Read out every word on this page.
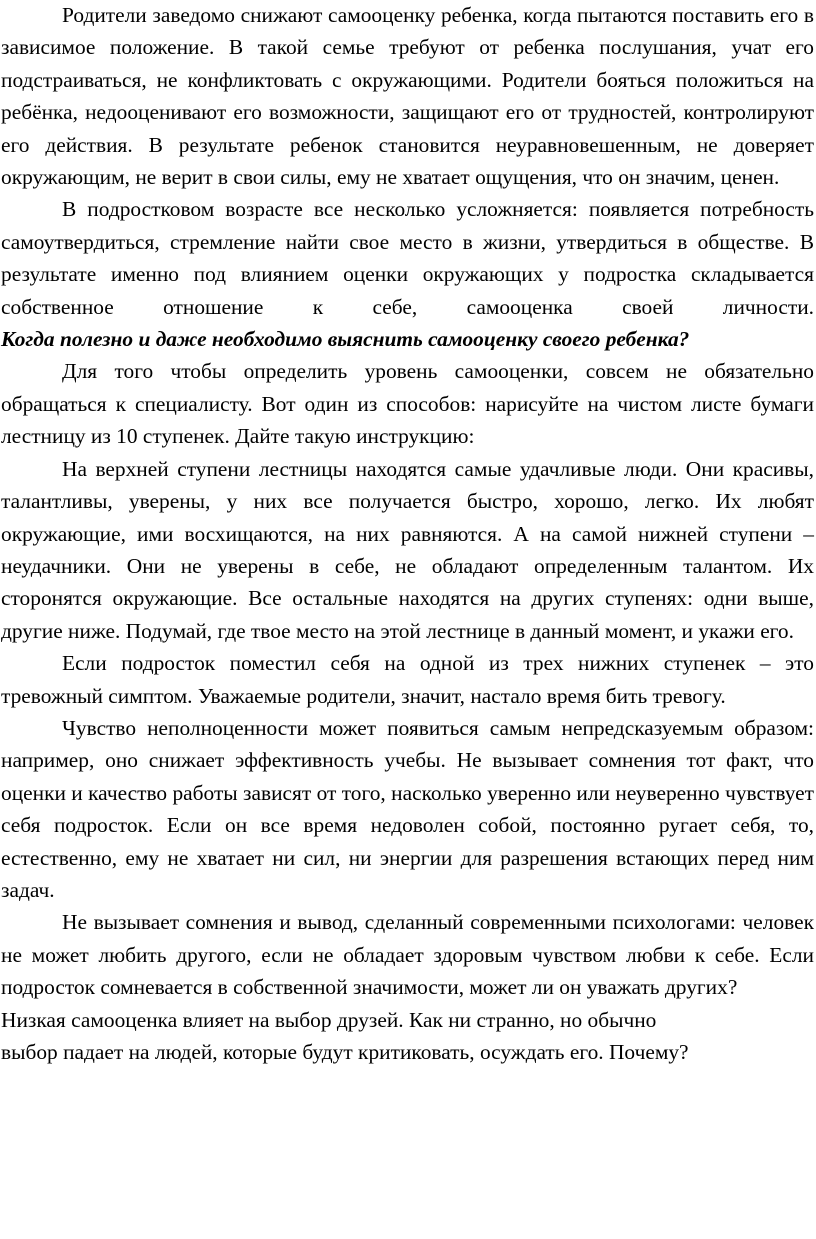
Родители заведомо снижают самооценку ребенка, когда пытаются поставить его в зависимое положение. В такой семье требуют от ребенка послушания, учат его подстраиваться, не конфликтовать с окружающими. Родители бояться положиться на ребёнка, недооценивают его возможности, защищают его от трудностей, контролируют его действия. В результате ребенок становится неуравновешенным, не доверяет окружающим, не верит в свои силы, ему не хватает ощущения, что он значим, ценен.

В подростковом возрасте все несколько усложняется: появляется потребность самоутвердиться, стремление найти свое место в жизни, утвердиться в обществе. В результате именно под влиянием оценки окружающих у подростка складывается собственное отношение к себе, самооценка своей личности.

Когда полезно и даже необходимо выяснить самооценку своего ребенка?

Для того чтобы определить уровень самооценки, совсем не обязательно обращаться к специалисту. Вот один из способов: нарисуйте на чистом листе бумаги лестницу из 10 ступенек. Дайте такую инструкцию:

На верхней ступени лестницы находятся самые удачливые люди. Они красивы, талантливы, уверены, у них все получается быстро, хорошо, легко. Их любят окружающие, ими восхищаются, на них равняются. А на самой нижней ступени – неудачники. Они не уверены в себе, не обладают определенным талантом. Их сторонятся окружающие. Все остальные находятся на других ступенях: одни выше, другие ниже. Подумай, где твое место на этой лестнице в данный момент, и укажи его.

Если подросток поместил себя на одной из трех нижних ступенек – это тревожный симптом. Уважаемые родители, значит, настало время бить тревогу.

Чувство неполноценности может появиться самым непредсказуемым образом: например, оно снижает эффективность учебы. Не вызывает сомнения тот факт, что оценки и качество работы зависят от того, насколько уверенно или неуверенно чувствует себя подросток. Если он все время недоволен собой, постоянно ругает себя, то, естественно, ему не хватает ни сил, ни энергии для разрешения встающих перед ним задач.

Не вызывает сомнения и вывод, сделанный современными психологами: человек не может любить другого, если не обладает здоровым чувством любви к себе. Если подросток сомневается в собственной значимости, может ли он уважать других?

Низкая самооценка влияет на выбор друзей. Как ни странно, но обычно
выбор падает на людей, которые будут критиковать, осуждать его. Почему?
